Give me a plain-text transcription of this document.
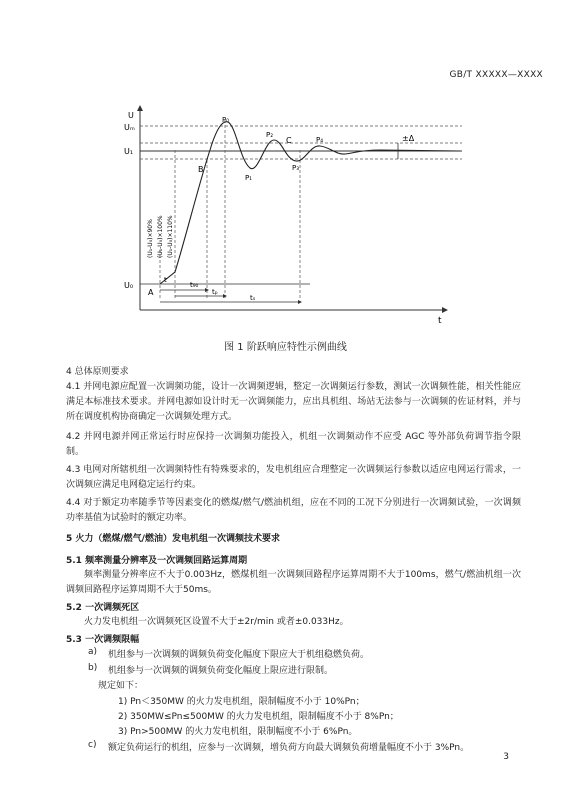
GB/T XXXXX—XXXX
U
Uₘ
U₁
U₀
t
±Δ
P₀
P₁
P₂
P₃
P₄
A
B
C
tₛ
t
t₉₀
tₚ
(U₁-U₀)×90% (U₁-U₀)×100% (U₁-U₀)×110%
图 1 阶跃响应特性示例曲线
4 总体原则要求
4.1 并网电源应配置一次调频功能，设计一次调频逻辑，整定一次调频运行参数，测试一次调频性能，相关性能应满足本标准技术要求。并网电源如设计时无一次调频能力，应出具机组、场站无法参与一次调频的佐证材料，并与所在调度机构协商确定一次调频处理方式。
4.2 并网电源并网正常运行时应保持一次调频功能投入，机组一次调频动作不应受 AGC 等外部负荷调节指令限制。
4.3 电网对所辖机组一次调频特性有特殊要求的，发电机组应合理整定一次调频运行参数以适应电网运行需求，一次调频应满足电网稳定运行约束。
4.4 对于额定功率随季节等因素变化的燃煤/燃气/燃油机组，应在不同的工况下分别进行一次调频试验，一次调频功率基值为试验时的额定功率。
5 火力（燃煤/燃气/燃油）发电机组一次调频技术要求
5.1 频率测量分辨率及一次调频回路运算周期
频率测量分辨率应不大于0.003Hz，燃煤机组一次调频回路程序运算周期不大于100ms，燃气/燃油机组一次调频回路程序运算周期不大于50ms。
5.2 一次调频死区
火力发电机组一次调频死区设置不大于±2r/min 或者±0.033Hz。
5.3 一次调频限幅
a) 机组参与一次调频的调频负荷变化幅度下限应大于机组稳燃负荷。
b) 机组参与一次调频的调频负荷变化幅度上限应进行限制。
规定如下：
1) Pn＜350MW 的火力发电机组，限制幅度不小于 10%Pn；
2) 350MW≤Pn≤500MW 的火力发电机组，限制幅度不小于 8%Pn；
3) Pn>500MW 的火力发电机组，限制幅度不小于 6%Pn。
c) 额定负荷运行的机组，应参与一次调频，增负荷方向最大调频负荷增量幅度不小于 3%Pn。
3
